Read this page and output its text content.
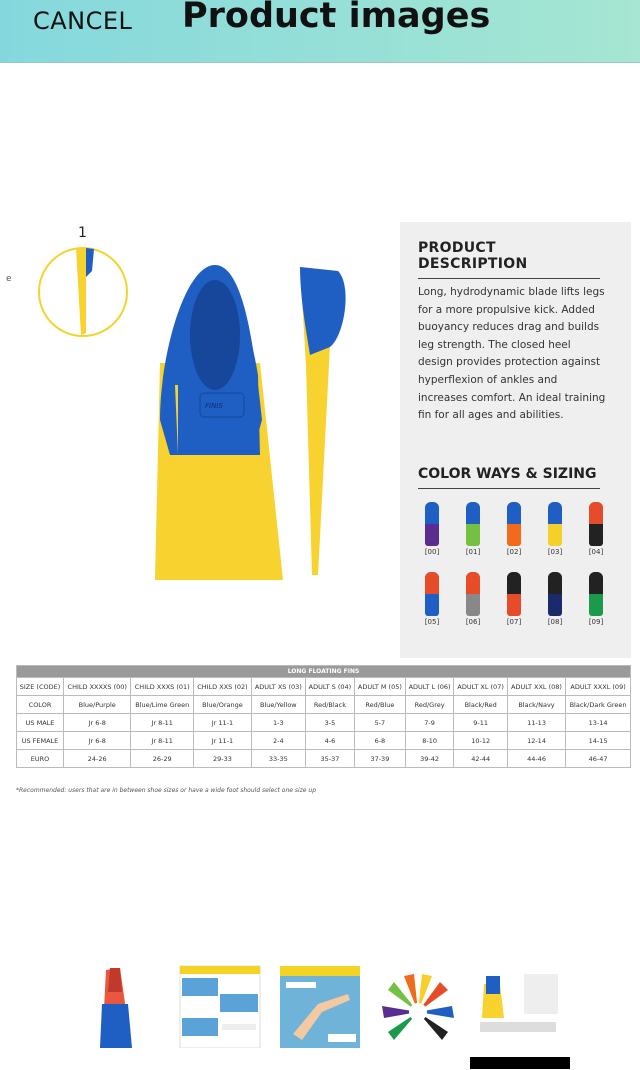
CANCEL Product images
e
1
FINIS
PRODUCT DESCRIPTION
Long, hydrodynamic blade lifts legs for a more propulsive kick. Added buoyancy reduces drag and builds leg strength. The closed heel design provides protection against hyperflexion of ankles and increases comfort. An ideal training fin for all ages and abilities.
COLOR WAYS & SIZING
[00]	[01]	[02]	[03]	[04]
[05]	[06]	[07]	[08]	[09]
LONG FLOATING FINS										
SIZE (CODE)	CHILD XXXXS (00)	CHILD XXXS (01)	CHILD XXS (02)	ADULT XS (03)	ADULT S (04)	ADULT M (05)	ADULT L (06)	ADULT XL (07)	ADULT XXL (08)	ADULT XXXL (09)
COLOR	Blue/Purple	Blue/Lime Green	Blue/Orange	Blue/Yellow	Red/Black	Red/Blue	Red/Grey	Black/Red	Black/Navy	Black/Dark Green
US MALE	Jr 6-8	Jr 8-11	Jr 11-1	1-3	3-5	5-7	7-9	9-11	11-13	13-14
US FEMALE	Jr 6-8	Jr 8-11	Jr 11-1	2-4	4-6	6-8	8-10	10-12	12-14	14-15
EURO	24-26	26-29	29-33	33-35	35-37	37-39	39-42	42-44	44-46	46-47
*Recommended: users that are in between shoe sizes or have a wide foot should select one size up
